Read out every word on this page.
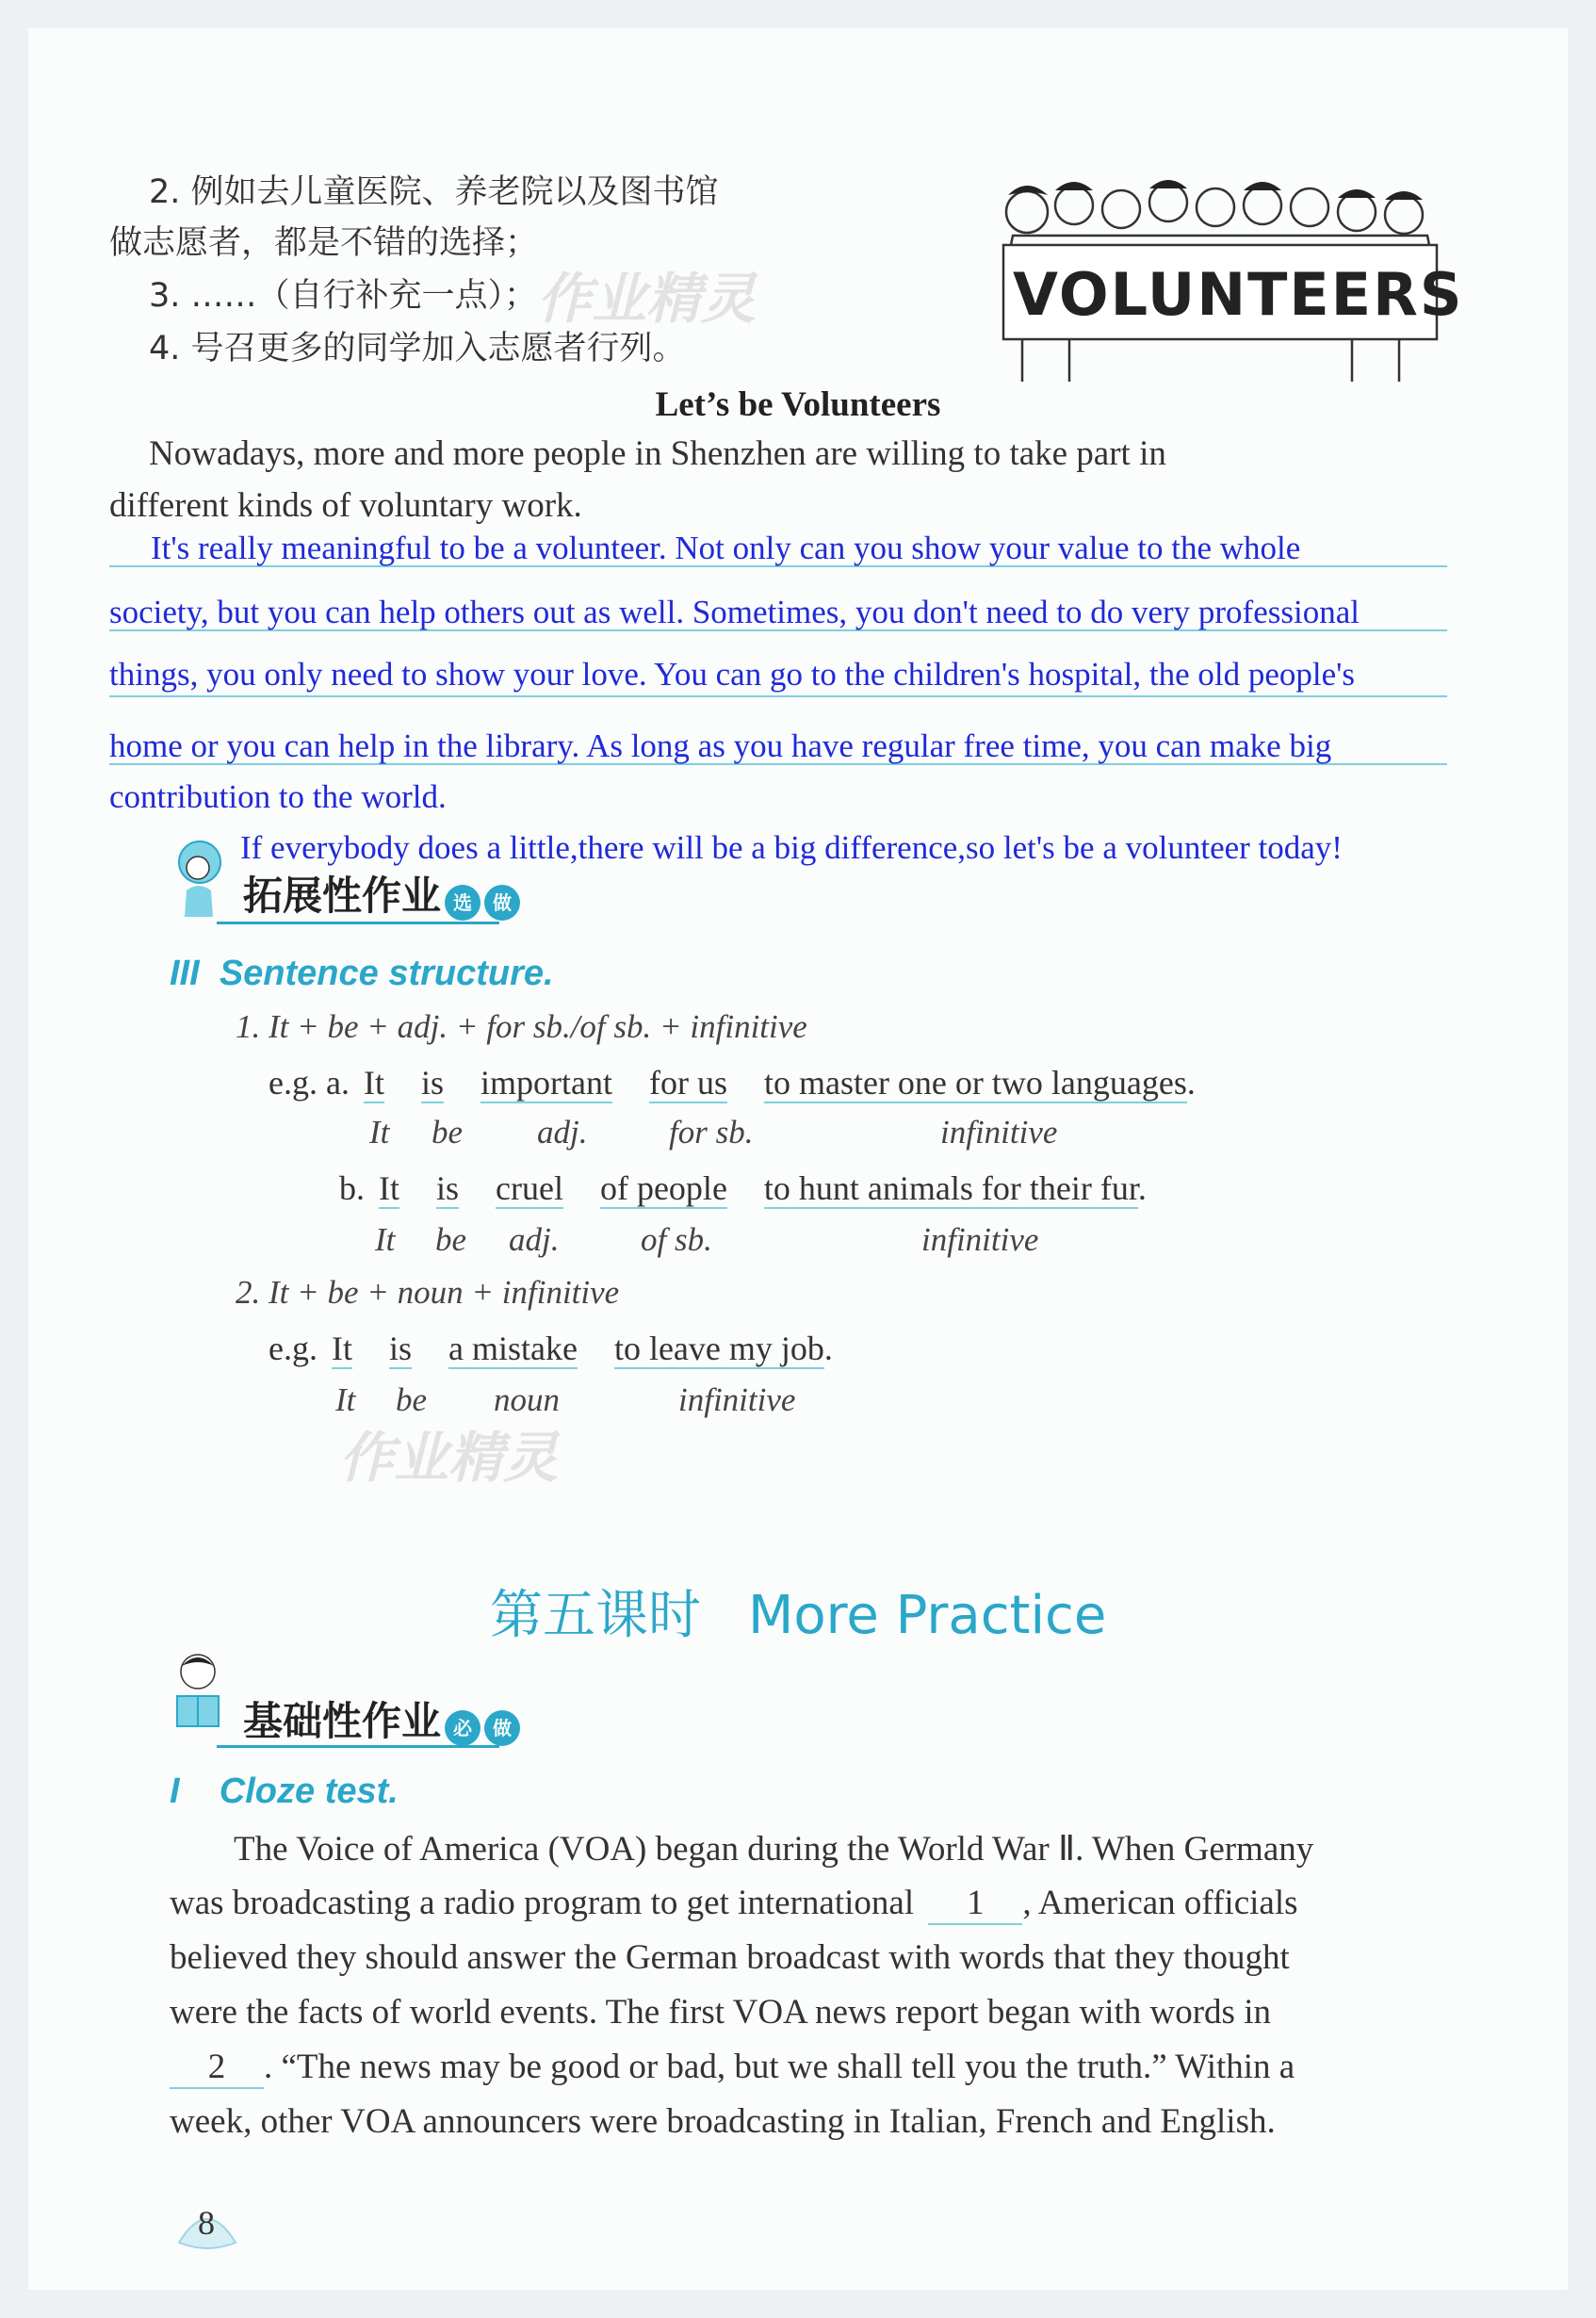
2. 例如去儿童医院、养老院以及图书馆
做志愿者，都是不错的选择；
3. ……（自行补充一点）；
4. 号召更多的同学加入志愿者行列。
作业精灵	VOLUNTEERS
Let’s be Volunteers
Nowadays, more and more people in Shenzhen are willing to take part in
different kinds of voluntary work.
It's really meaningful to be a volunteer. Not only can you show your value to the whole
society, but you can help others out as well. Sometimes, you don't need to do very professional
things, you only need to show your love. You can go to the children's hospital, the old people's
home or you can help in the library. As long as you have regular free time, you can make big
contribution to the world.
If everybody does a little,there will be a big difference,so let's be a volunteer today!
拓展性作业 选 做
III Sentence structure.
1. It + be + adj. + for sb./of sb. + infinitive
e.g. a. It is important for us to master one or two languages.
It be adj. for sb.	infinitive
b. It is cruel of people to hunt animals for their fur.
It be adj. of sb.	infinitive
2. It + be + noun + infinitive
e.g. It is a mistake to leave my job.
It be noun	infinitive
作业精灵
第五课时 More Practice
基础性作业 必 做
I Cloze test.
The Voice of America (VOA) began during the World War Ⅱ. When Germany
was broadcasting a radio program to get international 1 , American officials
believed they should answer the German broadcast with words that they thought
were the facts of world events. The first VOA news report began with words in
2 . “The news may be good or bad, but we shall tell you the truth.” Within a
week, other VOA announcers were broadcasting in Italian, French and English.
8
